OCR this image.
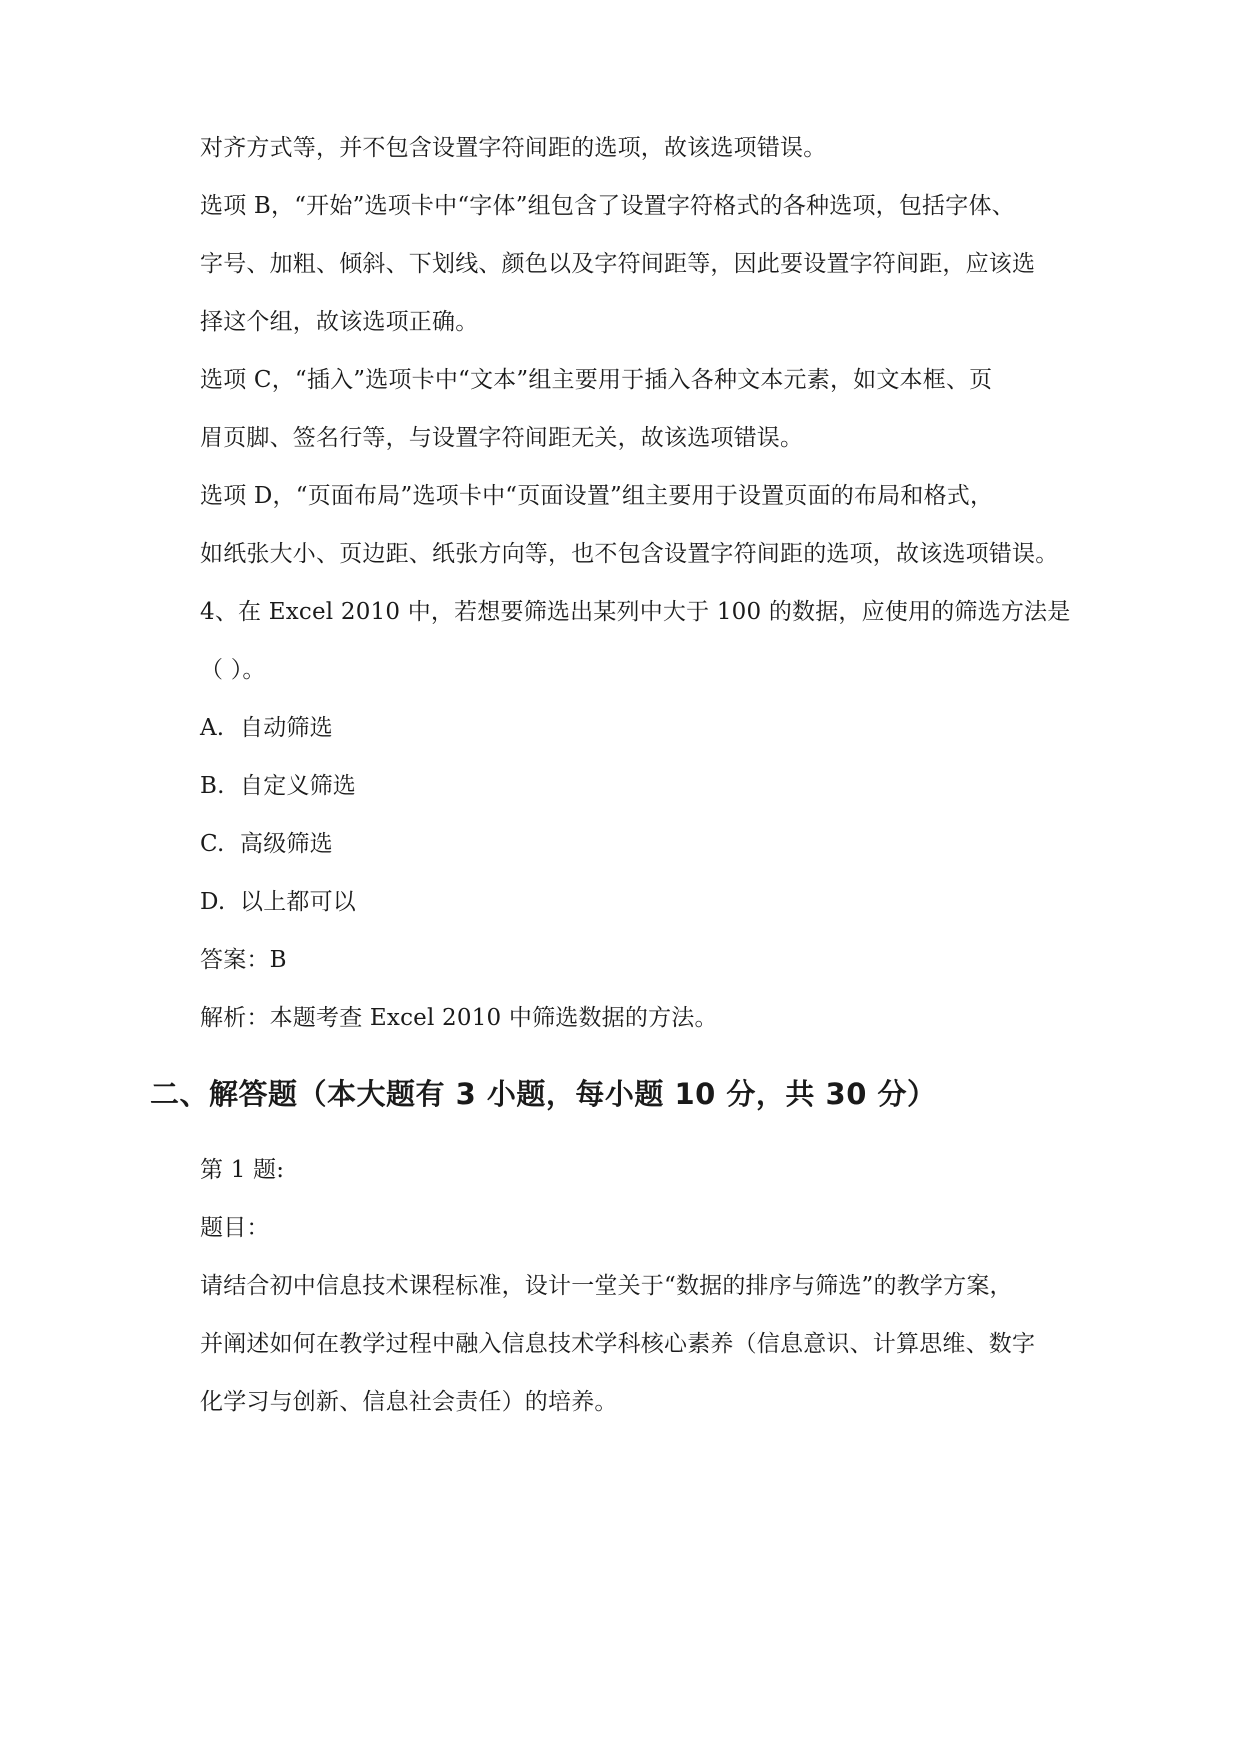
对齐方式等，并不包含设置字符间距的选项，故该选项错误。
选项 B，“开始”选项卡中“字体”组包含了设置字符格式的各种选项，包括字体、
字号、加粗、倾斜、下划线、颜色以及字符间距等，因此要设置字符间距，应该选
择这个组，故该选项正确。
选项 C，“插入”选项卡中“文本”组主要用于插入各种文本元素，如文本框、页
眉页脚、签名行等，与设置字符间距无关，故该选项错误。
选项 D，“页面布局”选项卡中“页面设置”组主要用于设置页面的布局和格式，
如纸张大小、页边距、纸张方向等，也不包含设置字符间距的选项，故该选项错误。
4、在 Excel 2010 中，若想要筛选出某列中大于 100 的数据，应使用的筛选方法是
（ ）。
A. 自动筛选
B. 自定义筛选
C. 高级筛选
D. 以上都可以
答案：B
解析：本题考查 Excel 2010 中筛选数据的方法。
二、解答题（本大题有 3 小题，每小题 10 分，共 30 分）
第 1 题:
题目：
请结合初中信息技术课程标准，设计一堂关于“数据的排序与筛选”的教学方案，
并阐述如何在教学过程中融入信息技术学科核心素养（信息意识、计算思维、数字
化学习与创新、信息社会责任）的培养。
